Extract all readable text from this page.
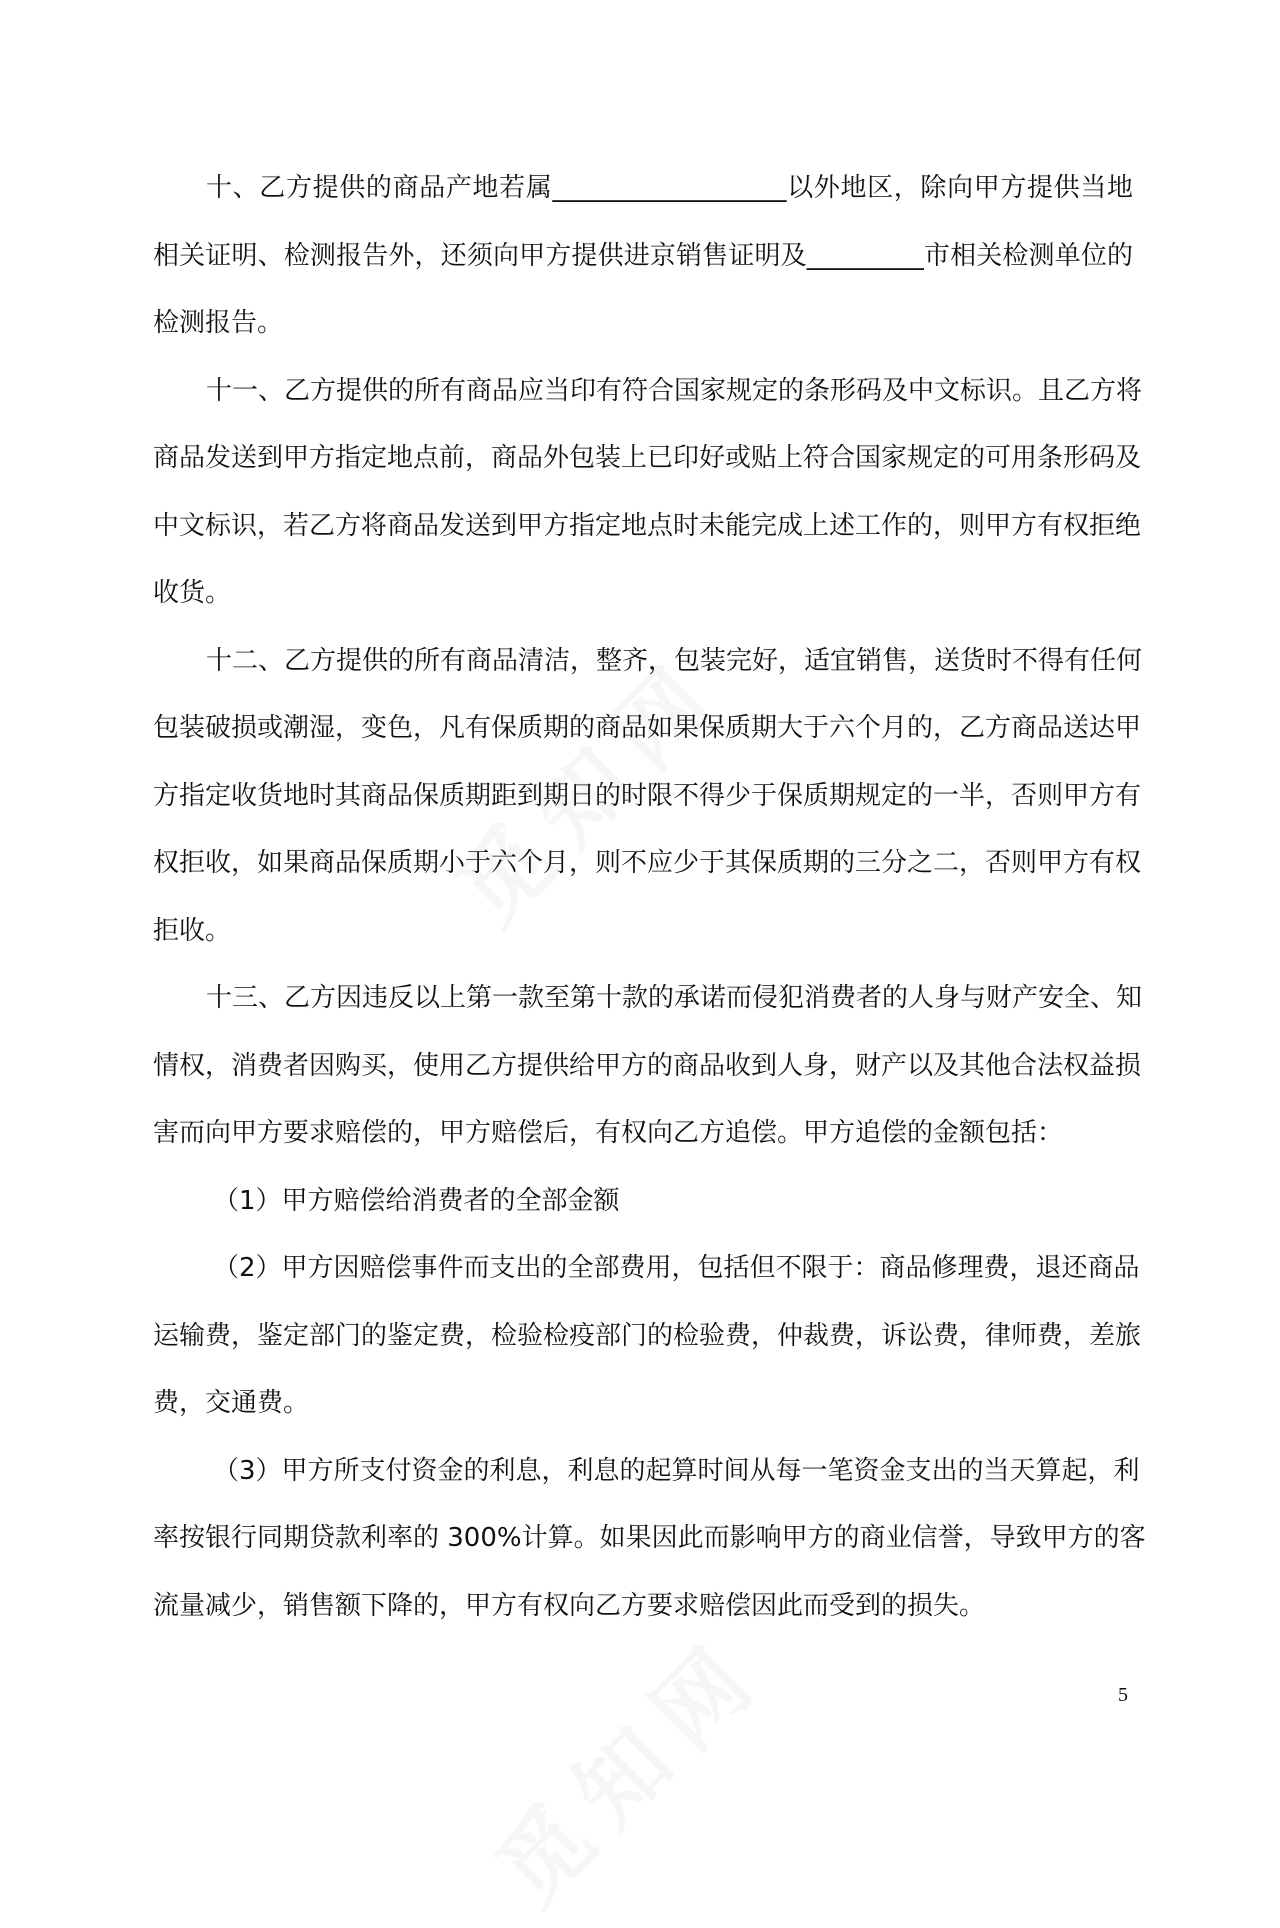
十、乙方提供的商品产地若属__________________以外地区，除向甲方提供当地
相关证明、检测报告外，还须向甲方提供进京销售证明及_________市相关检测单位的
检测报告。
十一、乙方提供的所有商品应当印有符合国家规定的条形码及中文标识。且乙方将
商品发送到甲方指定地点前，商品外包装上已印好或贴上符合国家规定的可用条形码及
中文标识，若乙方将商品发送到甲方指定地点时未能完成上述工作的，则甲方有权拒绝
收货。
十二、乙方提供的所有商品清洁，整齐，包装完好，适宜销售，送货时不得有任何
包装破损或潮湿，变色，凡有保质期的商品如果保质期大于六个月的，乙方商品送达甲
方指定收货地时其商品保质期距到期日的时限不得少于保质期规定的一半，否则甲方有
权拒收，如果商品保质期小于六个月，则不应少于其保质期的三分之二，否则甲方有权
拒收。
十三、乙方因违反以上第一款至第十款的承诺而侵犯消费者的人身与财产安全、知
情权，消费者因购买，使用乙方提供给甲方的商品收到人身，财产以及其他合法权益损
害而向甲方要求赔偿的，甲方赔偿后，有权向乙方追偿。甲方追偿的金额包括：
（1）甲方赔偿给消费者的全部金额
（2）甲方因赔偿事件而支出的全部费用，包括但不限于：商品修理费，退还商品
运输费，鉴定部门的鉴定费，检验检疫部门的检验费，仲裁费，诉讼费，律师费，差旅
费，交通费。
（3）甲方所支付资金的利息，利息的起算时间从每一笔资金支出的当天算起，利
率按银行同期贷款利率的 300%计算。如果因此而影响甲方的商业信誉，导致甲方的客
流量减少，销售额下降的，甲方有权向乙方要求赔偿因此而受到的损失。
5
